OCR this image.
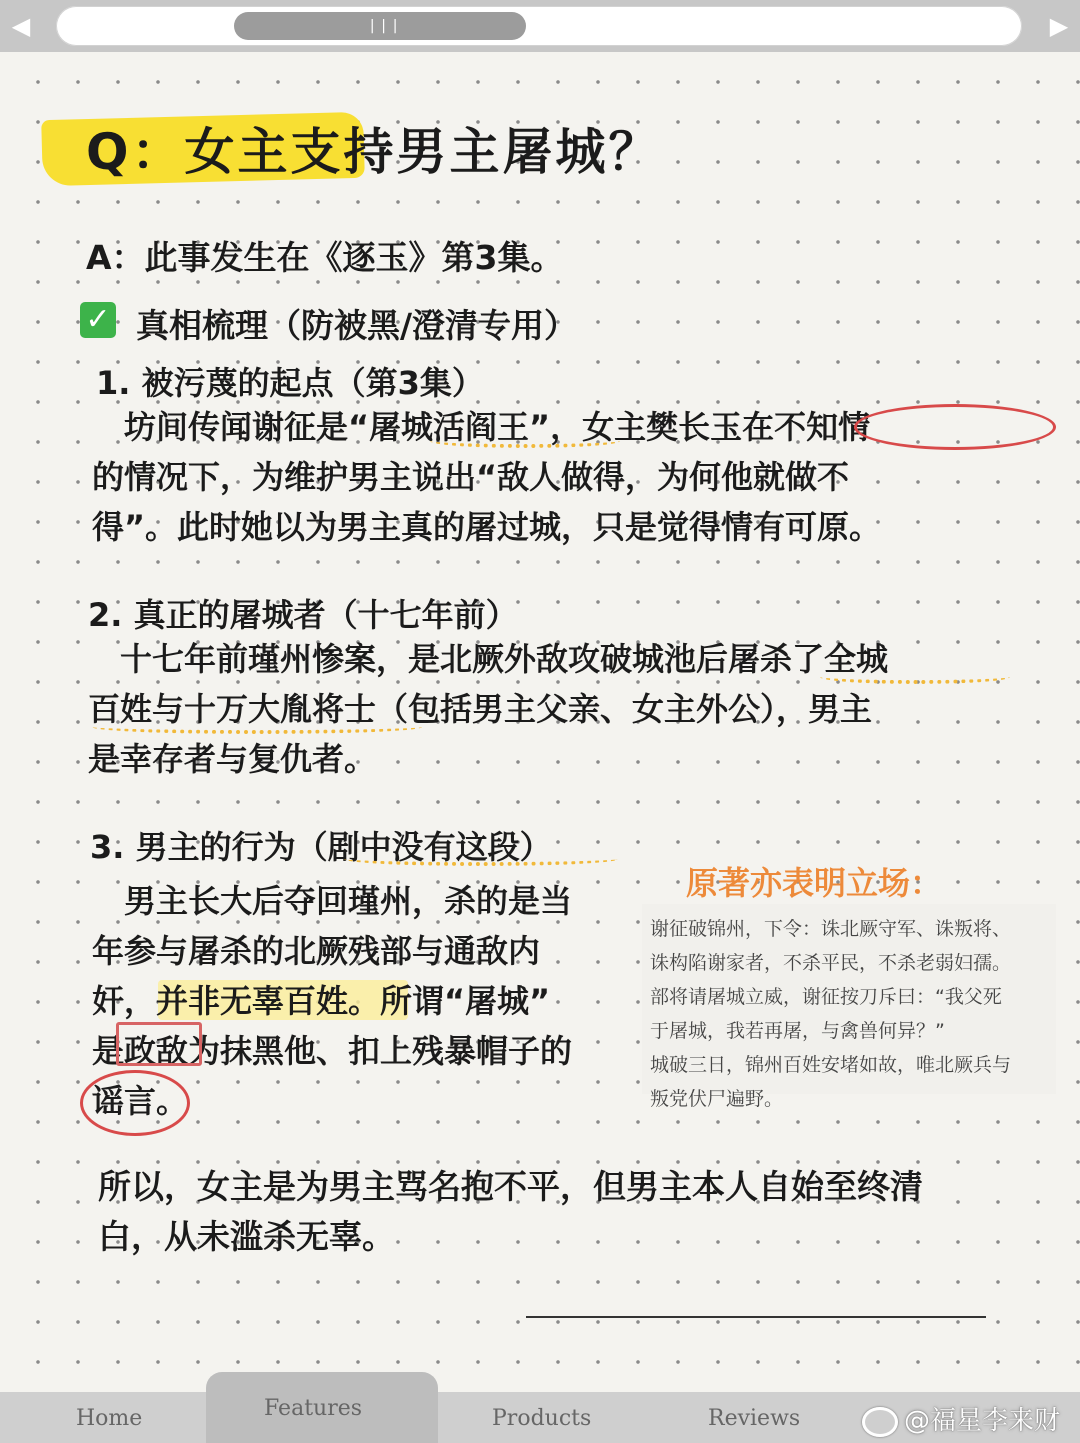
◀	|||	▶
Q：女主支持男主屠城？
A：此事发生在《逐玉》第3集。
✓ 真相梳理（防被黑/澄清专用）
1. 被污蔑的起点（第3集）
　坊间传闻谢征是“屠城活阎王”，女主樊长玉在不知情
的情况下，为维护男主说出“敌人做得，为何他就做不
得”。此时她以为男主真的屠过城，只是觉得情有可原。
2. 真正的屠城者（十七年前）
　十七年前瑾州惨案，是北厥外敌攻破城池后屠杀了全城
百姓与十万大胤将士（包括男主父亲、女主外公），男主
是幸存者与复仇者。
3. 男主的行为（剧中没有这段）
　男主长大后夺回瑾州，杀的是当
年参与屠杀的北厥残部与通敌内
奸，并非无辜百姓。所谓“屠城”
是政敌为抹黑他、扣上残暴帽子的
谣言。
原著亦表明立场：
谢征破锦州，下令：诛北厥守军、诛叛将、
诛构陷谢家者，不杀平民，不杀老弱妇孺。
部将请屠城立威，谢征按刀斥曰：“我父死
于屠城，我若再屠，与禽兽何异？”
城破三日，锦州百姓安堵如故，唯北厥兵与
叛党伏尸遍野。
所以，女主是为男主骂名抱不平，但男主本人自始至终清
白，从未滥杀无辜。
Home	Features	Products	Reviews	@福星李来财
